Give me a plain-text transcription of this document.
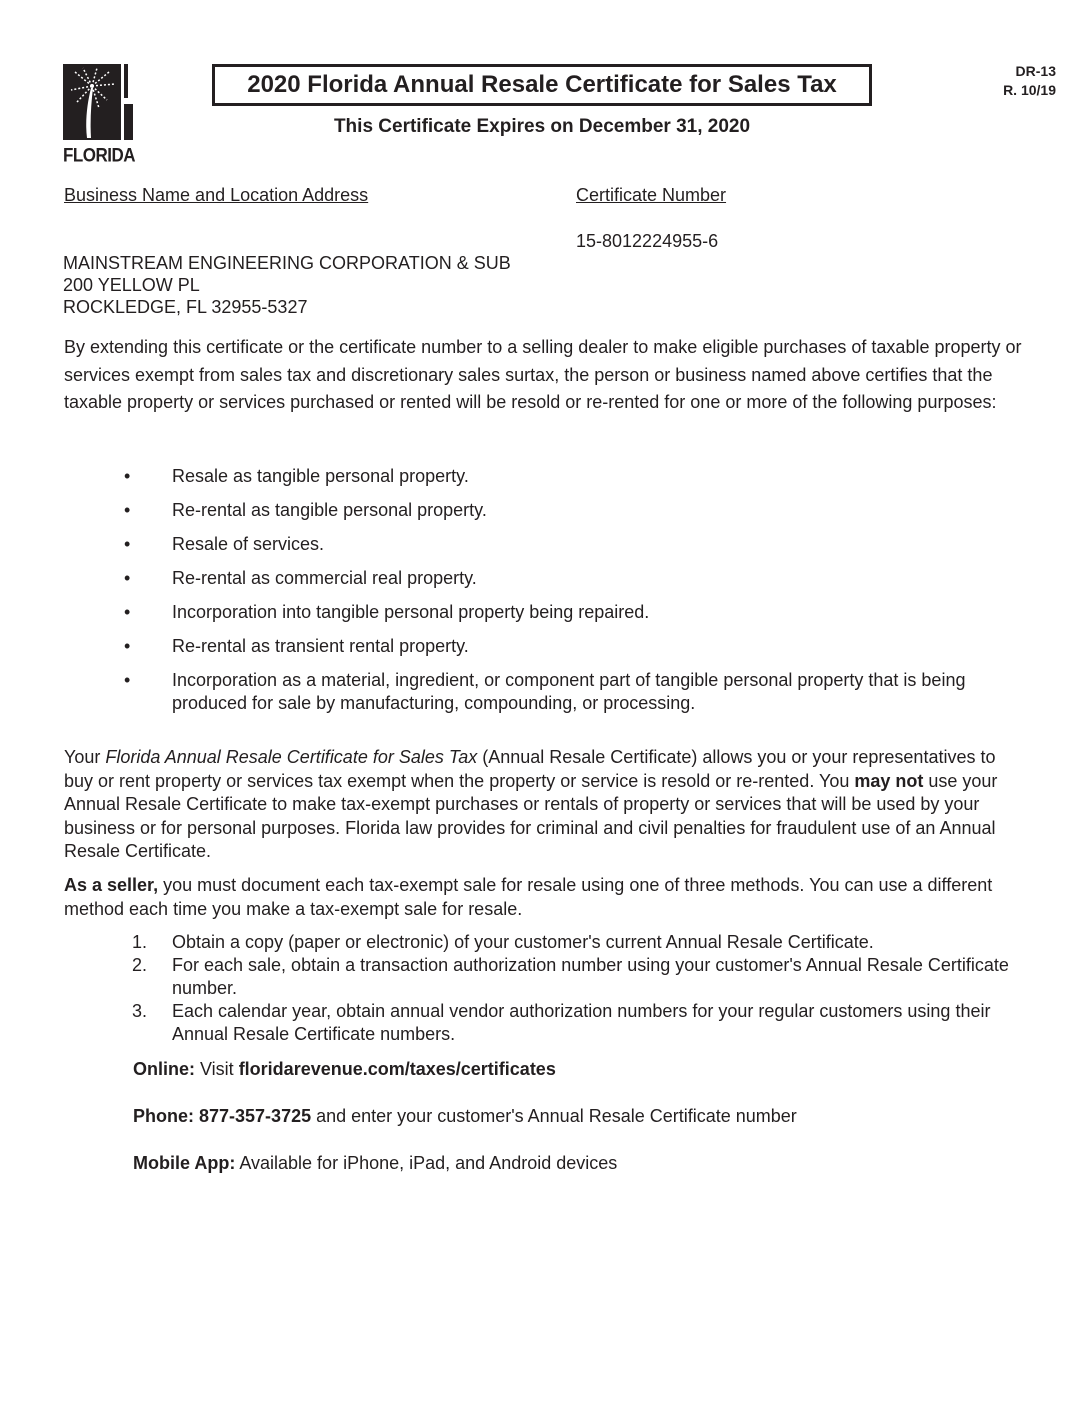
FLORIDA
2020 Florida Annual Resale Certificate for Sales Tax	DR-13
R. 10/19
This Certificate Expires on December 31, 2020
Business Name and Location Address	Certificate Number
15-8012224955-6
MAINSTREAM ENGINEERING CORPORATION & SUB
200 YELLOW PL
ROCKLEDGE, FL 32955-5327
By extending this certificate or the certificate number to a selling dealer to make eligible purchases of taxable property or services exempt from sales tax and discretionary sales surtax, the person or business named above certifies that the taxable property or services purchased or rented will be resold or re-rented for one or more of the following purposes:
• Resale as tangible personal property.
• Re-rental as tangible personal property.
• Resale of services.
• Re-rental as commercial real property.
• Incorporation into tangible personal property being repaired.
• Re-rental as transient rental property.
• Incorporation as a material, ingredient, or component part of tangible personal property that is being produced for sale by manufacturing, compounding, or processing.
Your Florida Annual Resale Certificate for Sales Tax (Annual Resale Certificate) allows you or your representatives to buy or rent property or services tax exempt when the property or service is resold or re-rented. You may not use your Annual Resale Certificate to make tax-exempt purchases or rentals of property or services that will be used by your business or for personal purposes. Florida law provides for criminal and civil penalties for fraudulent use of an Annual Resale Certificate.
As a seller, you must document each tax-exempt sale for resale using one of three methods. You can use a different method each time you make a tax-exempt sale for resale.
1. Obtain a copy (paper or electronic) of your customer's current Annual Resale Certificate.
2. For each sale, obtain a transaction authorization number using your customer's Annual Resale Certificate number.
3. Each calendar year, obtain annual vendor authorization numbers for your regular customers using their Annual Resale Certificate numbers.
Online: Visit floridarevenue.com/taxes/certificates
Phone: 877-357-3725 and enter your customer's Annual Resale Certificate number
Mobile App: Available for iPhone, iPad, and Android devices
